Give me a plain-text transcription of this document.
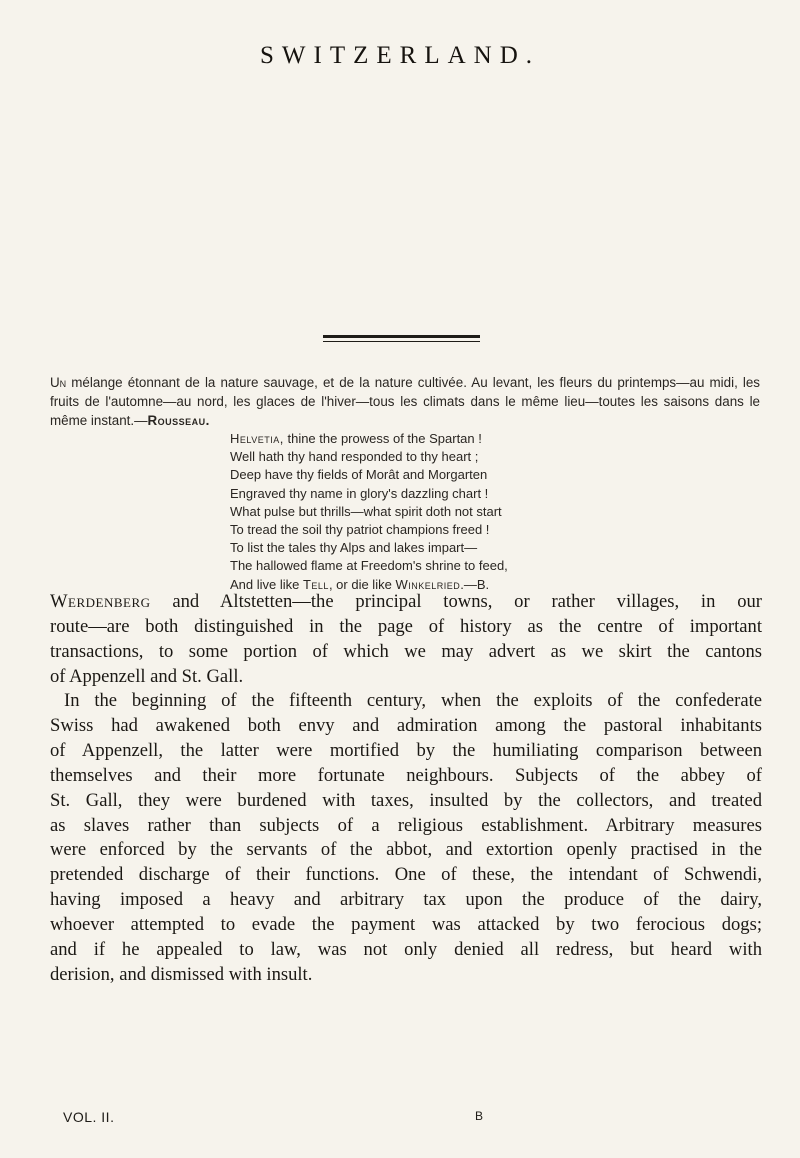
SWITZERLAND.
Un mélange étonnant de la nature sauvage, et de la nature cultivée. Au levant, les fleurs du printemps—au midi, les fruits de l'automne—au nord, les glaces de l'hiver—tous les climats dans le même lieu—toutes les saisons dans le même instant.—Rousseau.
Helvetia, thine the prowess of the Spartan !
Well hath thy hand responded to thy heart ;
Deep have thy fields of Morât and Morgarten
Engraved thy name in glory's dazzling chart !
What pulse but thrills—what spirit doth not start
To tread the soil thy patriot champions freed !
To list the tales thy Alps and lakes impart—
The hallowed flame at Freedom's shrine to feed,
And live like Tell, or die like Winkelried.—B.
Werdenberg and Altstetten—the principal towns, or rather villages, in our
route—are both distinguished in the page of history as the centre of important
transactions, to some portion of which we may advert as we skirt the cantons
of Appenzell and St. Gall.
In the beginning of the fifteenth century, when the exploits of the confederate
Swiss had awakened both envy and admiration among the pastoral inhabitants
of Appenzell, the latter were mortified by the humiliating comparison between
themselves and their more fortunate neighbours. Subjects of the abbey of
St. Gall, they were burdened with taxes, insulted by the collectors, and treated
as slaves rather than subjects of a religious establishment. Arbitrary measures
were enforced by the servants of the abbot, and extortion openly practised in the
pretended discharge of their functions. One of these, the intendant of Schwendi,
having imposed a heavy and arbitrary tax upon the produce of the dairy,
whoever attempted to evade the payment was attacked by two ferocious dogs;
and if he appealed to law, was not only denied all redress, but heard with
derision, and dismissed with insult.
VOL. II.	B
